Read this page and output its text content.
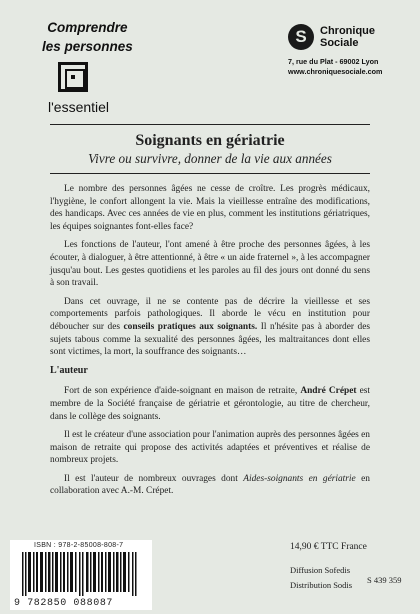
Comprendre
les personnes
l'essentiel
S	Chronique
Sociale
7, rue du Plat - 69002 Lyon
www.chroniquesociale.com
Soignants en gériatrie
Vivre ou survivre, donner de la vie aux années

Le nombre des personnes âgées ne cesse de croître. Les progrès médicaux, l'hygiène, le confort allongent la vie. Mais la vieillesse entraîne des modifications, des handicaps. Avec ces années de vie en plus, comment les institutions gériatriques, les équipes soignantes font-elles face?

Les fonctions de l'auteur, l'ont amené à être proche des personnes âgées, à les écouter, à dialoguer, à être attentionné, à être « un aide fraternel », à les accompagner jusqu'au bout. Les gestes quotidiens et les paroles au fil des jours ont donné du sens à son travail.

Dans cet ouvrage, il ne se contente pas de décrire la vieillesse et ses comportements parfois pathologiques. Il aborde le vécu en institution pour déboucher sur des conseils pratiques aux soignants. Il n'hésite pas à aborder des sujets tabous comme la sexualité des personnes âgées, les maltraitances dont elles sont victimes, la mort, la souffrance des soignants…

L'auteur

Fort de son expérience d'aide-soignant en maison de retraite, André Crépet est membre de la Société française de gériatrie et gérontologie, au titre de chercheur, dans le collège des soignants.

Il est le créateur d'une association pour l'animation auprès des personnes âgées en maison de retraite qui propose des activités adaptées et préventives et réalise de nombreux projets.

Il est l'auteur de nombreux ouvrages dont Aides-soignants en gériatrie en collaboration avec A.-M. Crépet.

ISBN : 978-2-85008-808-7
9 782850 088087
14,90 € TTC France
Diffusion Sofedis
Distribution Sodis S 439 359
